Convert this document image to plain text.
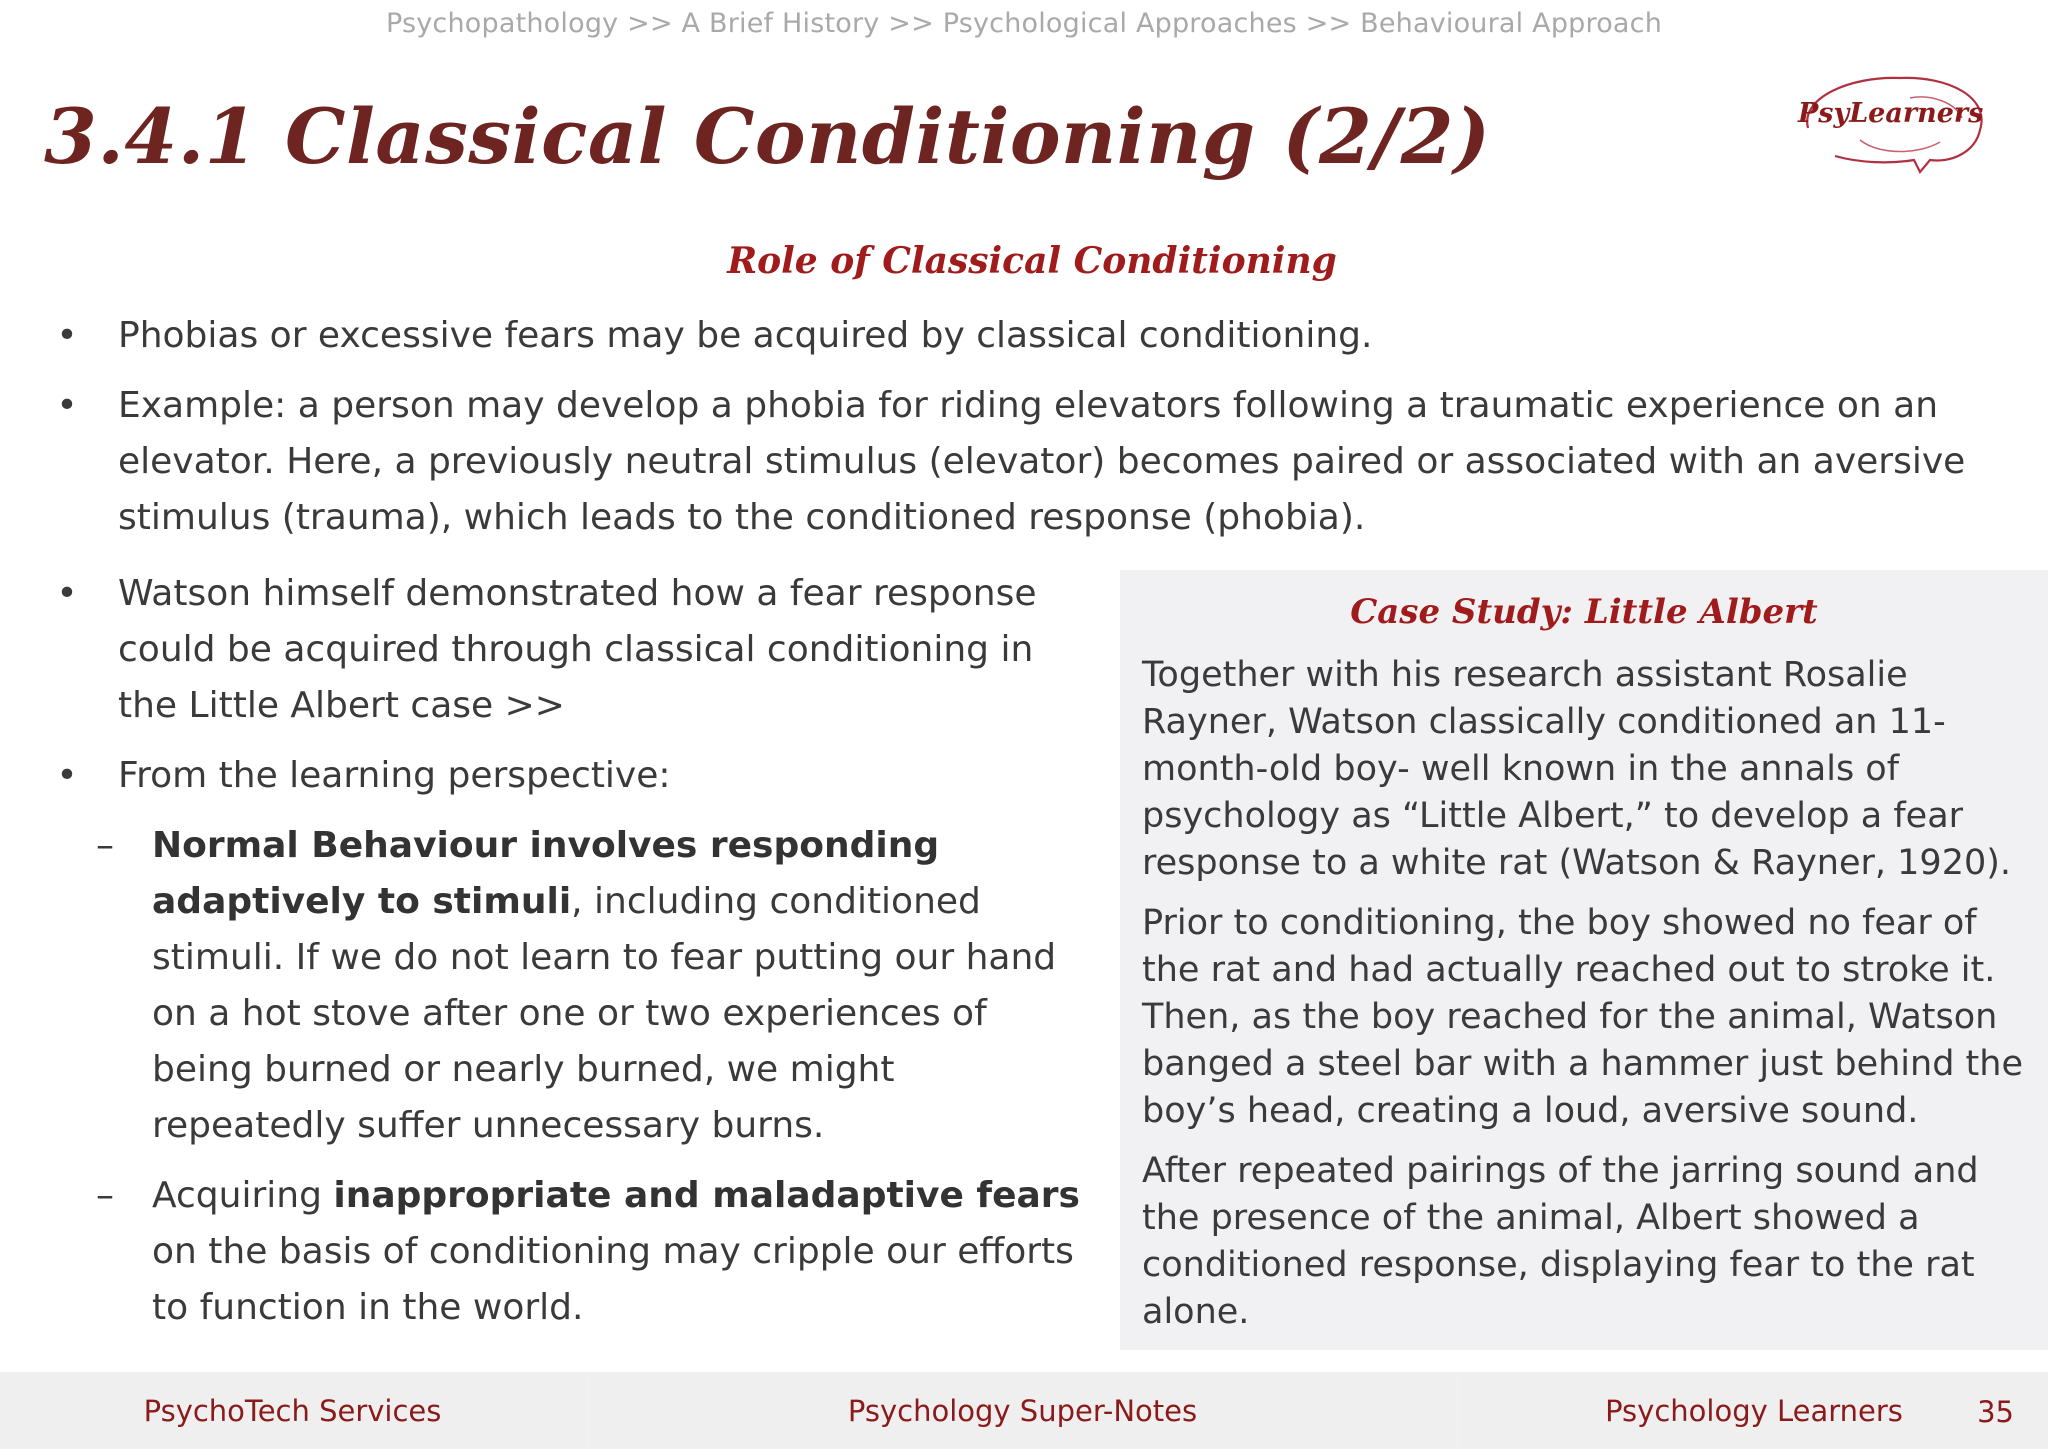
Psychopathology >> A Brief History >> Psychological Approaches >> Behavioural Approach
3.4.1 Classical Conditioning (2/2)	PsyLearners
Role of Classical Conditioning
• Phobias or excessive fears may be acquired by classical conditioning.
• Example: a person may develop a phobia for riding elevators following a traumatic experience on an elevator. Here, a previously neutral stimulus (elevator) becomes paired or associated with an aversive stimulus (trauma), which leads to the conditioned response (phobia).
• Watson himself demonstrated how a fear response could be acquired through classical conditioning in the Little Albert case >>
• From the learning perspective:
– Normal Behaviour involves responding adaptively to stimuli, including conditioned stimuli. If we do not learn to fear putting our hand on a hot stove after one or two experiences of being burned or nearly burned, we might repeatedly suffer unnecessary burns.
– Acquiring inappropriate and maladaptive fears on the basis of conditioning may cripple our efforts to function in the world.
Case Study: Little Albert

Together with his research assistant Rosalie Rayner, Watson classically conditioned an 11-month-old boy- well known in the annals of psychology as “Little Albert,” to develop a fear response to a white rat (Watson & Rayner, 1920).

Prior to conditioning, the boy showed no fear of the rat and had actually reached out to stroke it. Then, as the boy reached for the animal, Watson banged a steel bar with a hammer just behind the boy’s head, creating a loud, aversive sound.

After repeated pairings of the jarring sound and the presence of the animal, Albert showed a conditioned response, displaying fear to the rat alone.

PsychoTech Services	Psychology Super-Notes	Psychology Learners	35
